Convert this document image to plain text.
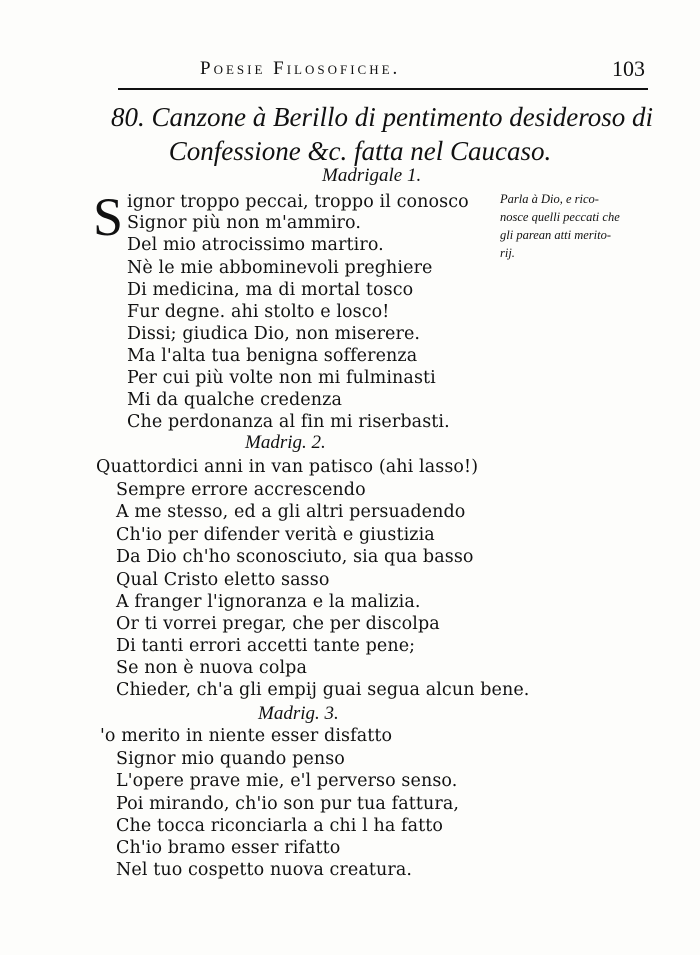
Poesie Filosofiche.	103
80. Canzone à Berillo di pentimento desideroso di
Confessione &c. fatta nel Caucaso.
Madrigale 1.
S ignor troppo peccai, troppo il conosco
Signor più non m'ammiro.
Del mio atrocissimo martiro.
Nè le mie abbominevoli preghiere
Di medicina, ma di mortal tosco
Fur degne. ahi stolto e losco!
Dissi; giudica Dio, non miserere.
Ma l'alta tua benigna sofferenza
Per cui più volte non mi fulminasti
Mi da qualche credenza
Che perdonanza al fin mi riserbasti.
Madrig. 2.
Quattordici anni in van patisco (ahi lasso!)
Sempre errore accrescendo
A me stesso, ed a gli altri persuadendo
Ch'io per difender verità e giustizia
Da Dio ch'ho sconosciuto, sia qua basso
Qual Cristo eletto sasso
A franger l'ignoranza e la malizia.
Or ti vorrei pregar, che per discolpa
Di tanti errori accetti tante pene;
Se non è nuova colpa
Chieder, ch'a gli empij guai segua alcun bene.
Madrig. 3.
'o merito in niente esser disfatto
Signor mio quando penso
L'opere prave mie, e'l perverso senso.
Poi mirando, ch'io son pur tua fattura,
Che tocca riconciarla a chi l ha fatto
Ch'io bramo esser rifatto
Nel tuo cospetto nuova creatura.
Parla à Dio, e rico-
nosce quelli peccati che
gli parean atti merito-
rij.
